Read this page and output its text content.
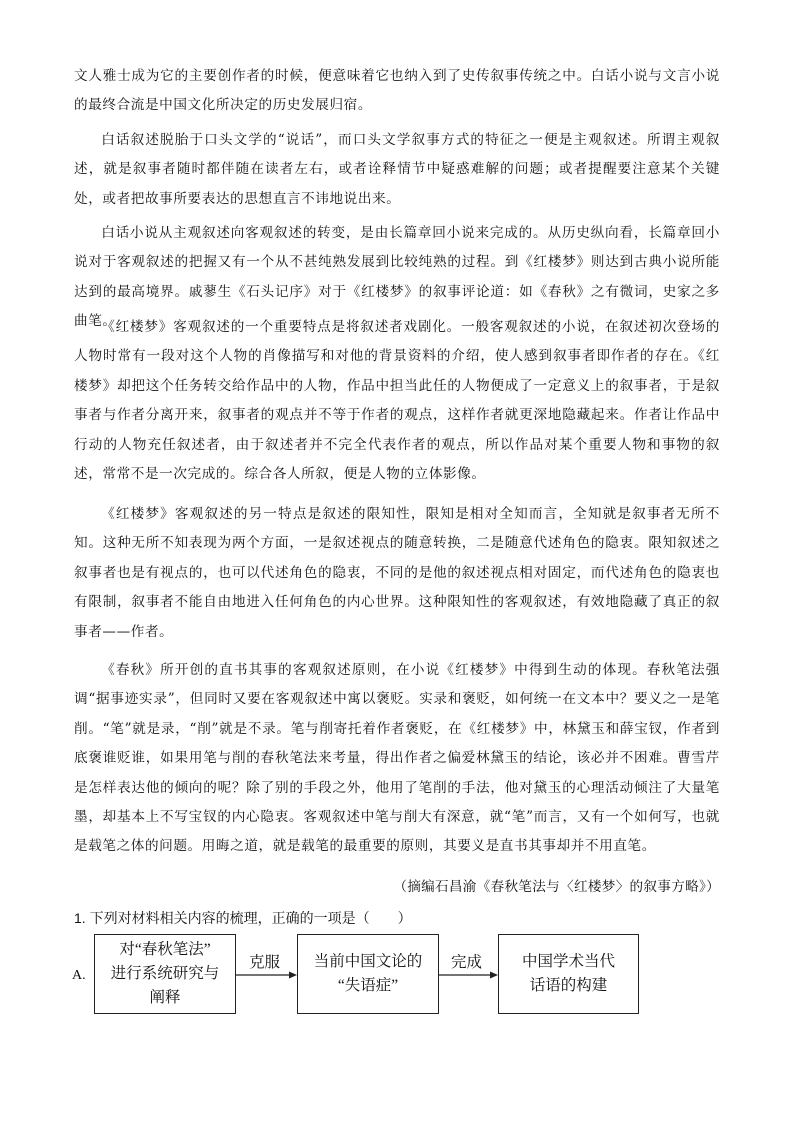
文人雅士成为它的主要创作者的时候，便意味着它也纳入到了史传叙事传统之中。白话小说与文言小说的最终合流是中国文化所决定的历史发展归宿。

白话叙述脱胎于口头文学的“说话”，而口头文学叙事方式的特征之一便是主观叙述。所谓主观叙述，就是叙事者随时都伴随在读者左右，或者诠释情节中疑惑难解的问题；或者提醒要注意某个关键处，或者把故事所要表达的思想直言不讳地说出来。

白话小说从主观叙述向客观叙述的转变，是由长篇章回小说来完成的。从历史纵向看，长篇章回小说对于客观叙述的把握又有一个从不甚纯熟发展到比较纯熟的过程。到《红楼梦》则达到古典小说所能达到的最高境界。戚蓼生《石头记序》对于《红楼梦》的叙事评论道：如《春秋》之有微词，史家之多曲笔。

《红楼梦》客观叙述的一个重要特点是将叙述者戏剧化。一般客观叙述的小说，在叙述初次登场的人物时常有一段对这个人物的肖像描写和对他的背景资料的介绍，使人感到叙事者即作者的存在。《红楼梦》却把这个任务转交给作品中的人物，作品中担当此任的人物便成了一定意义上的叙事者，于是叙事者与作者分离开来，叙事者的观点并不等于作者的观点，这样作者就更深地隐藏起来。作者让作品中行动的人物充任叙述者，由于叙述者并不完全代表作者的观点，所以作品对某个重要人物和事物的叙述，常常不是一次完成的。综合各人所叙，便是人物的立体影像。

《红楼梦》客观叙述的另一特点是叙述的限知性，限知是相对全知而言，全知就是叙事者无所不知。这种无所不知表现为两个方面，一是叙述视点的随意转换，二是随意代述角色的隐衷。限知叙述之叙事者也是有视点的，也可以代述角色的隐衷，不同的是他的叙述视点相对固定，而代述角色的隐衷也有限制，叙事者不能自由地进入任何角色的内心世界。这种限知性的客观叙述，有效地隐藏了真正的叙事者——作者。

《春秋》所开创的直书其事的客观叙述原则，在小说《红楼梦》中得到生动的体现。春秋笔法强调“据事迹实录”，但同时又要在客观叙述中寓以褒贬。实录和褒贬，如何统一在文本中？要义之一是笔削。“笔”就是录，“削”就是不录。笔与削寄托着作者褒贬，在《红楼梦》中，林黛玉和薛宝钗，作者到底褒谁贬谁，如果用笔与削的春秋笔法来考量，得出作者之偏爱林黛玉的结论，该必并不困难。曹雪芹是怎样表达他的倾向的呢？除了别的手段之外，他用了笔削的手法，他对黛玉的心理活动倾注了大量笔墨，却基本上不写宝钗的内心隐衷。客观叙述中笔与削大有深意，就“笔”而言，又有一个如何写，也就是载笔之体的问题。用晦之道，就是载笔的最重要的原则，其要义是直书其事却并不用直笔。

（摘编石昌渝《春秋笔法与〈红楼梦〉的叙事方略》）

1. 下列对材料相关内容的梳理，正确的一项是（　　）

A.
对“春秋笔法”
进行系统研究与
阐释
克服 当前中国文论的
“失语症”
完成	中国学术当代
话语的构建
